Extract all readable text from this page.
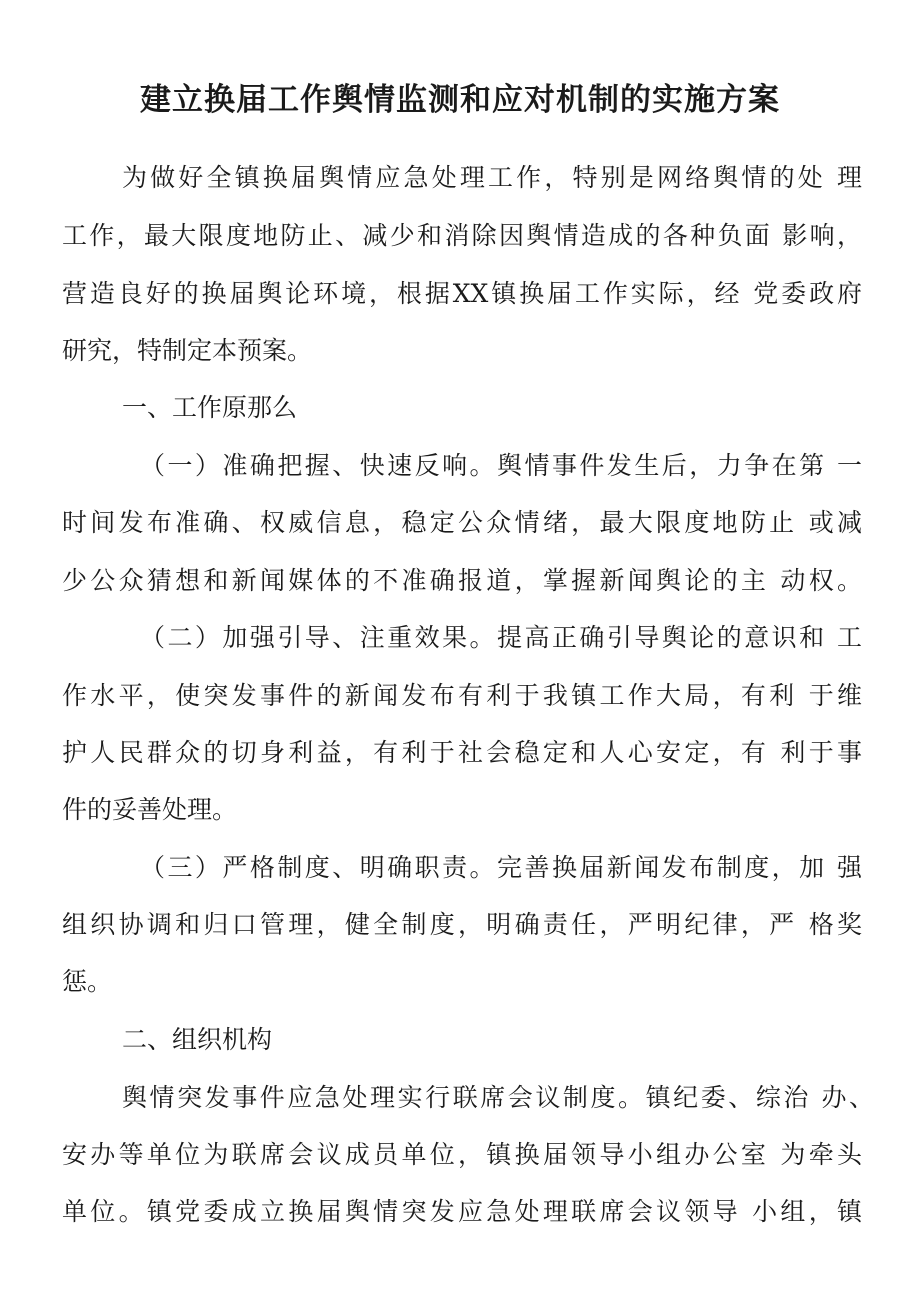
建立换届工作舆情监测和应对机制的实施方案
为做好全镇换届舆情应急处理工作，特别是网络舆情的处 理
工作，最大限度地防止、减少和消除因舆情造成的各种负面 影响，
营造良好的换届舆论环境，根据XX镇换届工作实际，经 党委政府
研究，特制定本预案。
一、工作原那么
（一）准确把握、快速反响。舆情事件发生后，力争在第 一
时间发布准确、权威信息，稳定公众情绪，最大限度地防止 或减
少公众猜想和新闻媒体的不准确报道，掌握新闻舆论的主 动权。
（二）加强引导、注重效果。提高正确引导舆论的意识和 工
作水平，使突发事件的新闻发布有利于我镇工作大局，有利 于维
护人民群众的切身利益，有利于社会稳定和人心安定，有 利于事
件的妥善处理。
（三）严格制度、明确职责。完善换届新闻发布制度，加 强
组织协调和归口管理，健全制度，明确责任，严明纪律，严 格奖
惩。
二、组织机构
舆情突发事件应急处理实行联席会议制度。镇纪委、综治 办、
安办等单位为联席会议成员单位，镇换届领导小组办公室 为牵头
单位。镇党委成立换届舆情突发应急处理联席会议领导 小组，镇
